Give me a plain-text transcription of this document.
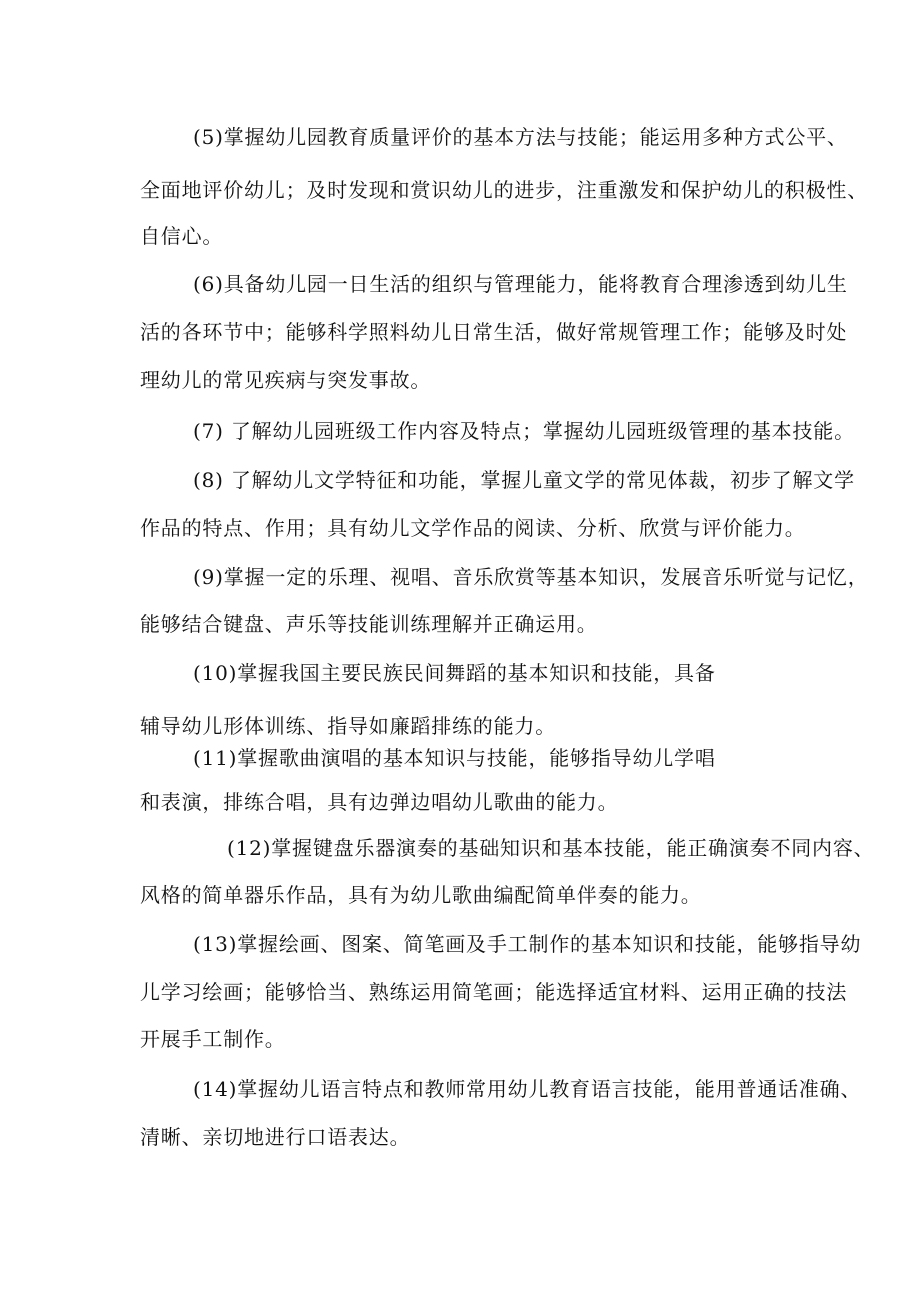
(5)掌握幼儿园教育质量评价的基本方法与技能；能运用多种方式公平、
全面地评价幼儿；及时发现和赏识幼儿的进步，注重激发和保护幼儿的积极性、
自信心。
(6)具备幼儿园一日生活的组织与管理能力，能将教育合理渗透到幼儿生
活的各环节中；能够科学照料幼儿日常生活，做好常规管理工作；能够及时处
理幼儿的常见疾病与突发事故。
(7) 了解幼儿园班级工作内容及特点；掌握幼儿园班级管理的基本技能。
(8) 了解幼儿文学特征和功能，掌握儿童文学的常见体裁，初步了解文学
作品的特点、作用；具有幼儿文学作品的阅读、分析、欣赏与评价能力。
(9)掌握一定的乐理、视唱、音乐欣赏等基本知识，发展音乐听觉与记忆，
能够结合键盘、声乐等技能训练理解并正确运用。
(10)掌握我国主要民族民间舞蹈的基本知识和技能，具备
辅导幼儿形体训练、指导如廉蹈排练的能力。
(11)掌握歌曲演唱的基本知识与技能，能够指导幼儿学唱
和表演，排练合唱，具有边弹边唱幼儿歌曲的能力。
(12)掌握键盘乐器演奏的基础知识和基本技能，能正确演奏不同内容、
风格的简单器乐作品，具有为幼儿歌曲编配简单伴奏的能力。
(13)掌握绘画、图案、简笔画及手工制作的基本知识和技能，能够指导幼
儿学习绘画；能够恰当、熟练运用简笔画；能选择适宜材料、运用正确的技法
开展手工制作。
(14)掌握幼儿语言特点和教师常用幼儿教育语言技能，能用普通话准确、
清晰、亲切地进行口语表达。
